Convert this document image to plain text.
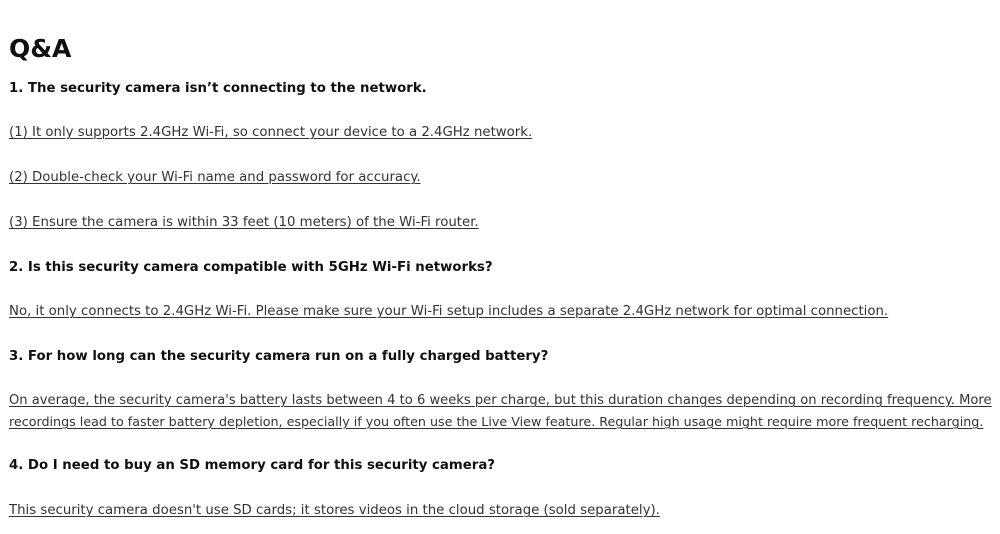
Q&A
1. The security camera isn’t connecting to the network.
(1) It only supports 2.4GHz Wi-Fi, so connect your device to a 2.4GHz network.
(2) Double-check your Wi-Fi name and password for accuracy.
(3) Ensure the camera is within 33 feet (10 meters) of the Wi-Fi router.
2. Is this security camera compatible with 5GHz Wi-Fi networks?
No, it only connects to 2.4GHz Wi-Fi. Please make sure your Wi-Fi setup includes a separate 2.4GHz network for optimal connection.
3. For how long can the security camera run on a fully charged battery?
On average, the security camera's battery lasts between 4 to 6 weeks per charge, but this duration changes depending on recording frequency. More
recordings lead to faster battery depletion, especially if you often use the Live View feature. Regular high usage might require more frequent recharging.
4. Do I need to buy an SD memory card for this security camera?
This security camera doesn't use SD cards; it stores videos in the cloud storage (sold separately).
